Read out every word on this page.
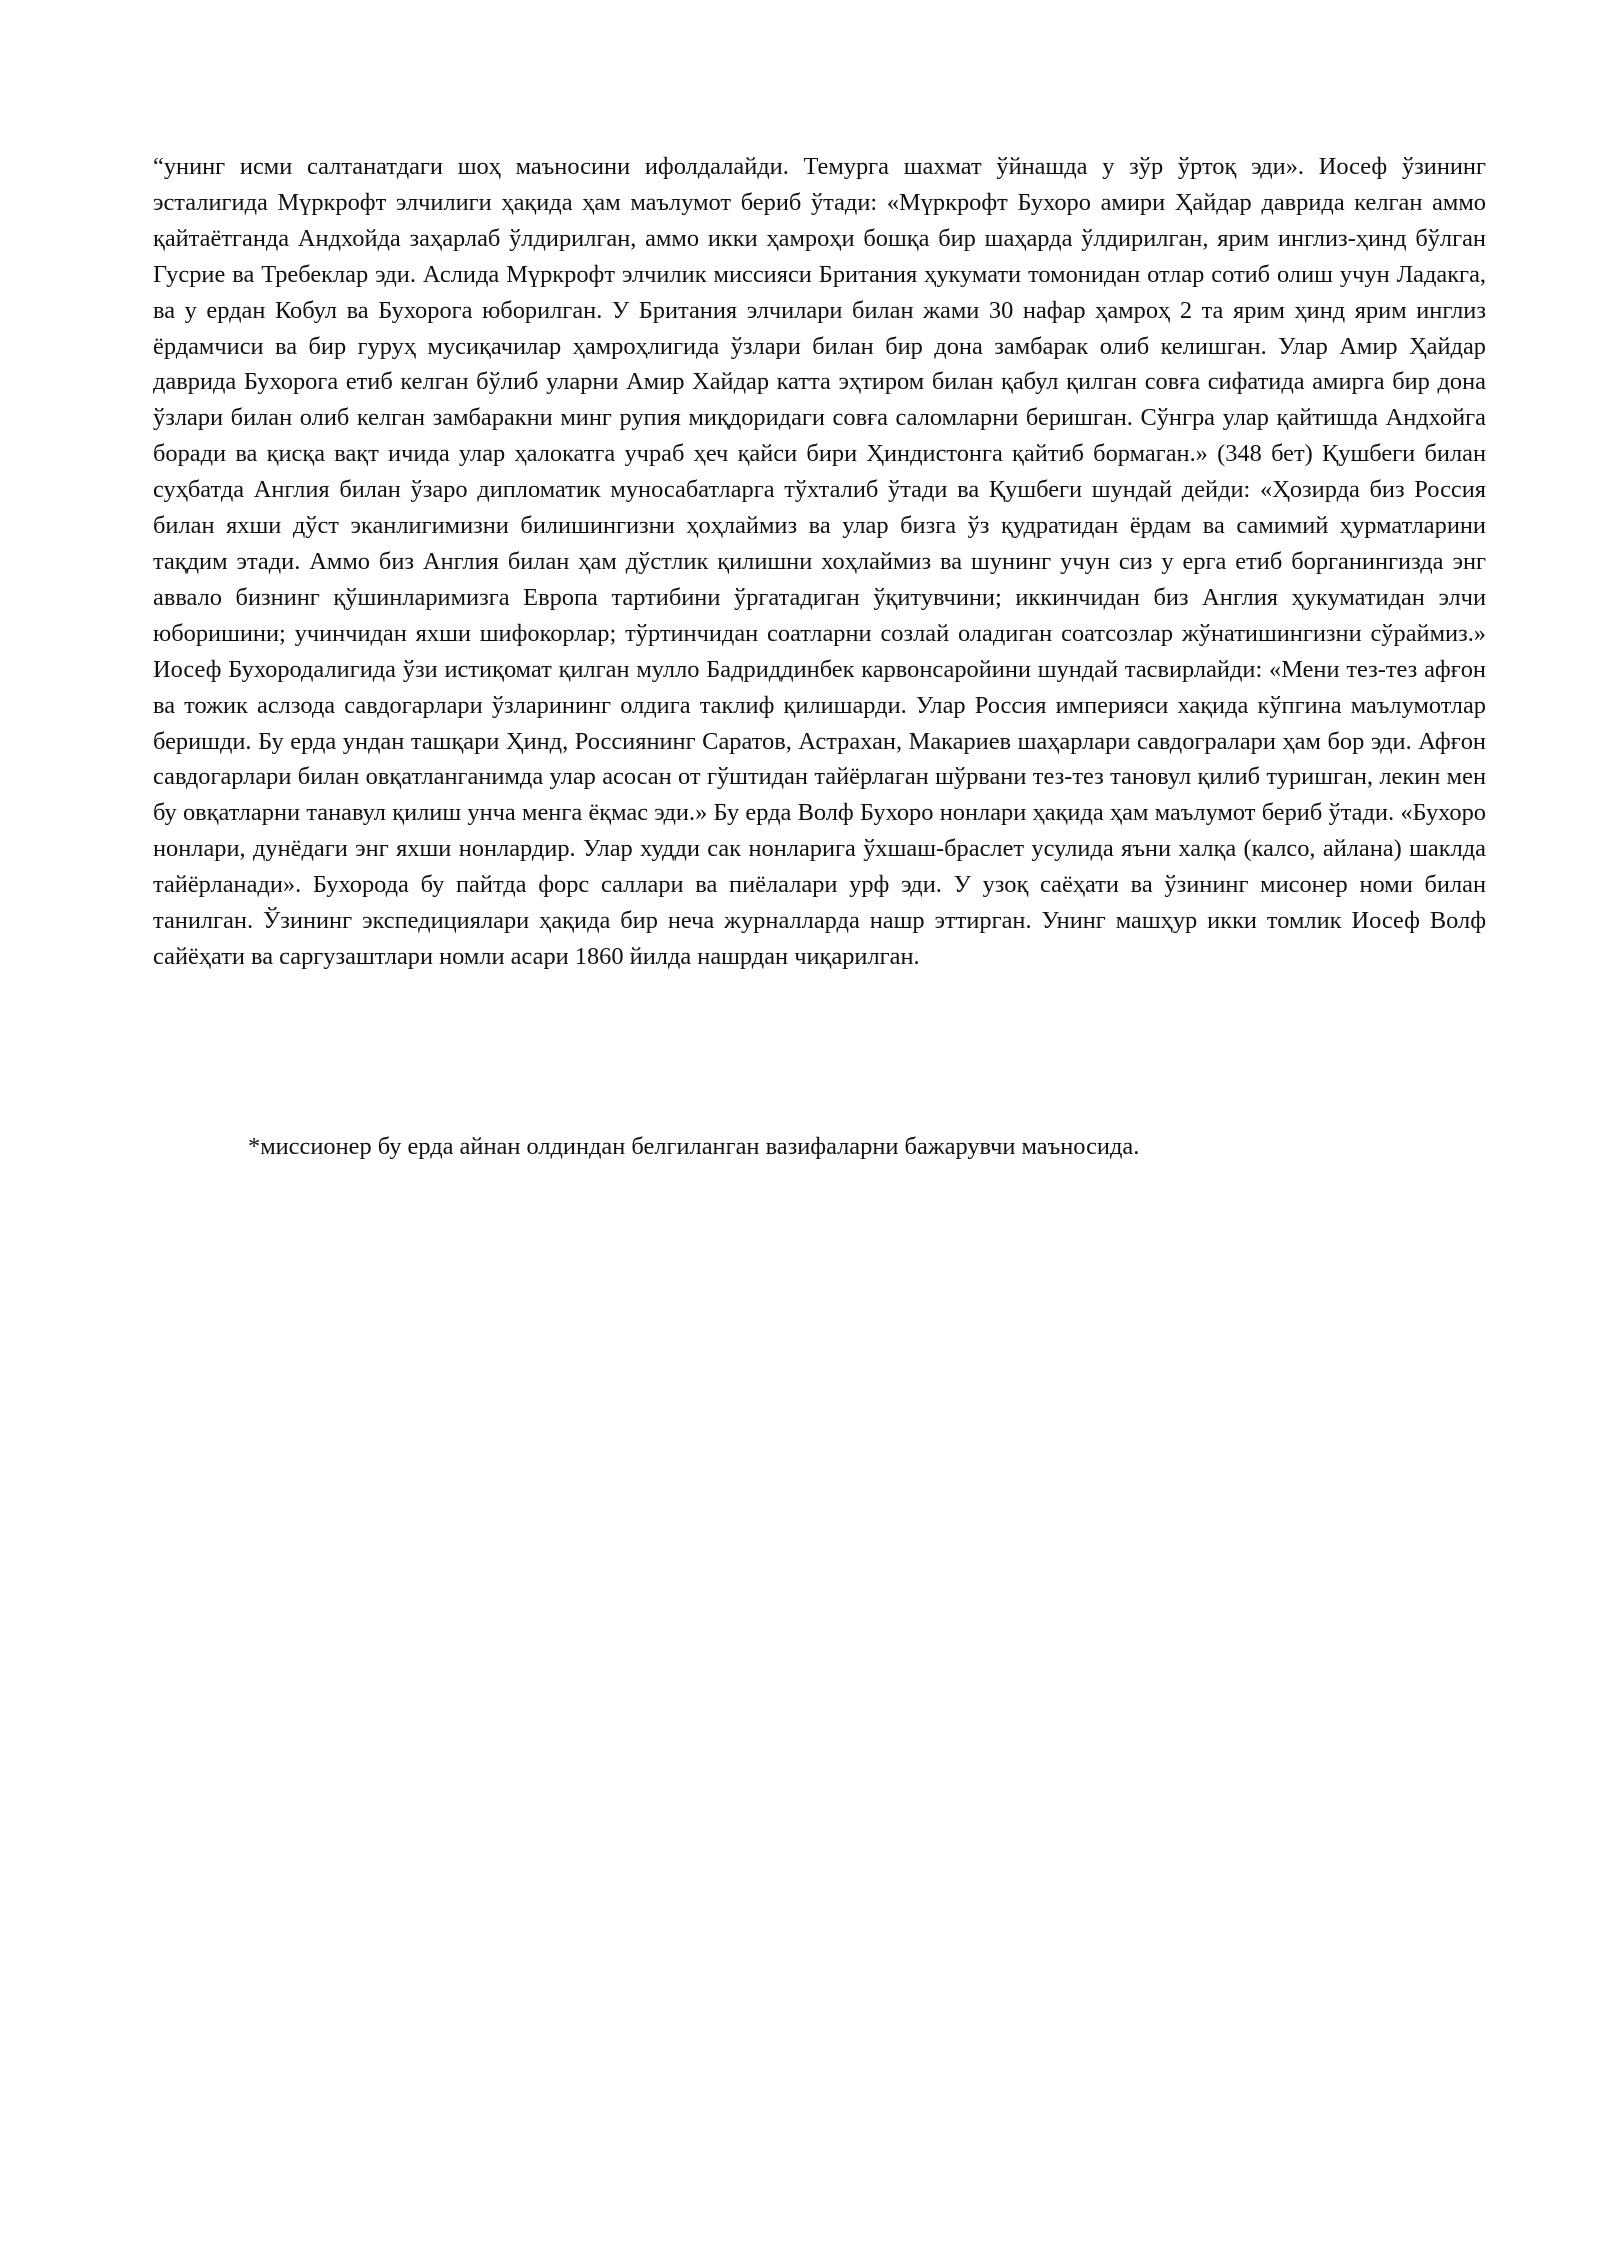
“унинг исми салтанатдаги шоҳ маъносини ифолдалайди. Темурга шахмат ўйнашда у зўр ўртоқ эди». Иосеф ўзининг эсталигида Мүркрофт элчилиги ҳақида ҳам маълумот бериб ўтади: «Мүркрофт Бухоро амири Ҳайдар даврида келган аммо қайтаётганда Андхойда заҳарлаб ўлдирилган, аммо икки ҳамроҳи бошқа бир шаҳарда ўлдирилган, ярим инглиз-ҳинд бўлган Гусрие ва Требеклар эди. Аслида Мүркрофт элчилик миссияси Британия ҳукумати томонидан отлар сотиб олиш учун Ладакга, ва у ердан Кобул ва Бухорога юборилган. У Британия элчилари билан жами 30 нафар ҳамроҳ 2 та ярим ҳинд ярим инглиз ёрдамчиси ва бир гуруҳ мусиқачилар ҳамроҳлигида ўзлари билан бир дона замбарак олиб келишган. Улар Амир Ҳайдар даврида Бухорога етиб келган бўлиб уларни Амир Хайдар катта эҳтиром билан қабул қилган совға сифатида амирга бир дона ўзлари билан олиб келган замбаракни минг рупия миқдоридаги совға саломларни беришган. Сўнгра улар қайтишда Андхойга боради ва қисқа вақт ичида улар ҳалокатга учраб ҳеч қайси бири Ҳиндистонга қайтиб бормаган.» (348 бет) Қушбеги билан суҳбатда Англия билан ўзаро дипломатик муносабатларга тўхталиб ўтади ва Қушбеги шундай дейди: «Ҳозирда биз Россия билан яхши дўст эканлигимизни билишингизни ҳоҳлаймиз ва улар бизга ўз қудратидан ёрдам ва самимий ҳурматларини тақдим этади. Аммо биз Англия билан ҳам дўстлик қилишни хоҳлаймиз ва шунинг учун сиз у ерга етиб борганингизда энг аввало бизнинг қўшинларимизга Европа тартибини ўргатадиган ўқитувчини; иккинчидан биз Англия ҳукуматидан элчи юборишини; учинчидан яхши шифокорлар; тўртинчидан соатларни созлай оладиган соатсозлар жўнатишингизни сўраймиз.» Иосеф Бухородалигида ўзи истиқомат қилган мулло Бадриддинбек карвонсаройини шундай тасвирлайди: «Мени тез-тез афғон ва тожик аслзода савдогарлари ўзларининг олдига таклиф қилишарди. Улар Россия империяси хақида кўпгина маълумотлар беришди. Бу ерда ундан ташқари Ҳинд, Россиянинг Саратов, Астрахан, Макариев шаҳарлари савдогралари ҳам бор эди. Афғон савдогарлари билан овқатланганимда улар асосан от гўштидан тайёрлаган шўрвани тез-тез тановул қилиб туришган, лекин мен бу овқатларни танавул қилиш унча менга ёқмас эди.» Бу ерда Волф Бухоро нонлари ҳақида ҳам маълумот бериб ўтади. «Бухоро нонлари, дунёдаги энг яхши нонлардир. Улар худди сак нонларига ўхшаш-браслет усулида яъни халқа (калсо, айлана) шаклда тайёрланади». Бухорода бу пайтда форс саллари ва пиёлалари урф эди. У узоқ саёҳати ва ўзининг мисонер номи билан танилган. Ўзининг экспедициялари ҳақида бир неча журналларда нашр эттирган. Унинг машҳур икки томлик Иосеф Волф сайёҳати ва саргузаштлари номли асари 1860 йилда нашрдан чиқарилган.

*миссионер бу ерда айнан олдиндан белгиланган вазифаларни бажарувчи маъносида.
